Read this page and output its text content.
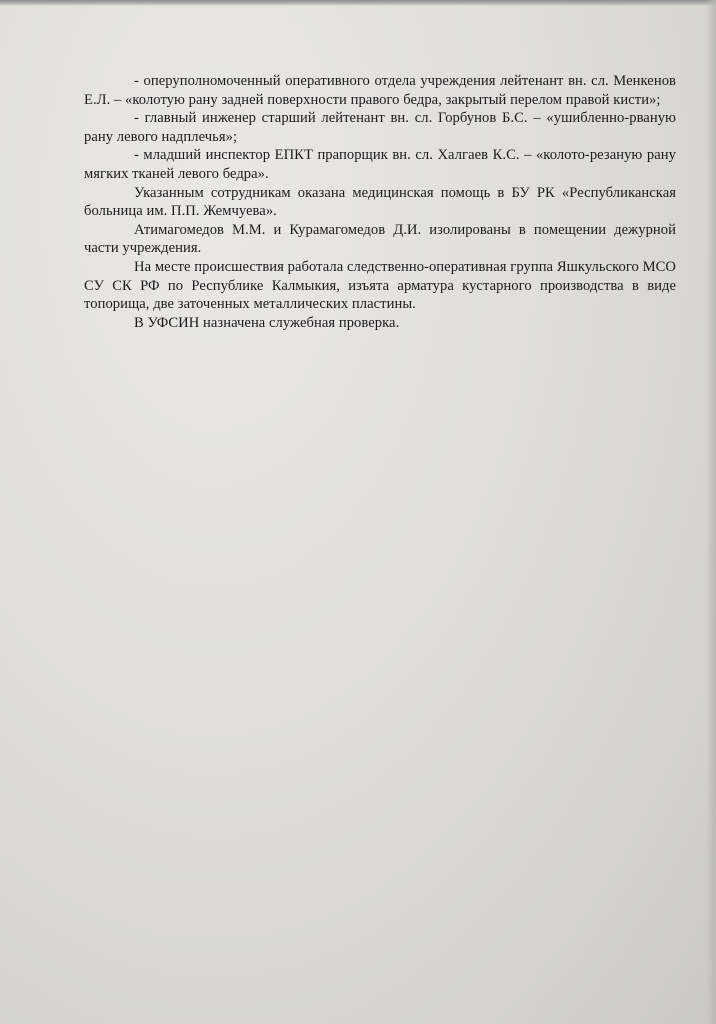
- оперуполномоченный оперативного отдела учреждения лейтенант вн. сл. Менкенов Е.Л. – «колотую рану задней поверхности правого бедра, закрытый перелом правой кисти»;

- главный инженер старший лейтенант вн. сл. Горбунов Б.С. – «ушибленно-рваную рану левого надплечья»;

- младший инспектор ЕПКТ прапорщик вн. сл. Халгаев К.С. – «колото-резаную рану мягких тканей левого бедра».

Указанным сотрудникам оказана медицинская помощь в БУ РК «Республиканская больница им. П.П. Жемчуева».

Атимагомедов М.М. и Курамагомедов Д.И. изолированы в помещении дежурной части учреждения.

На месте происшествия работала следственно-оперативная группа Яшкульского МСО СУ СК РФ по Республике Калмыкия, изъята арматура кустарного производства в виде топорища, две заточенных металлических пластины.

В УФСИН назначена служебная проверка.
